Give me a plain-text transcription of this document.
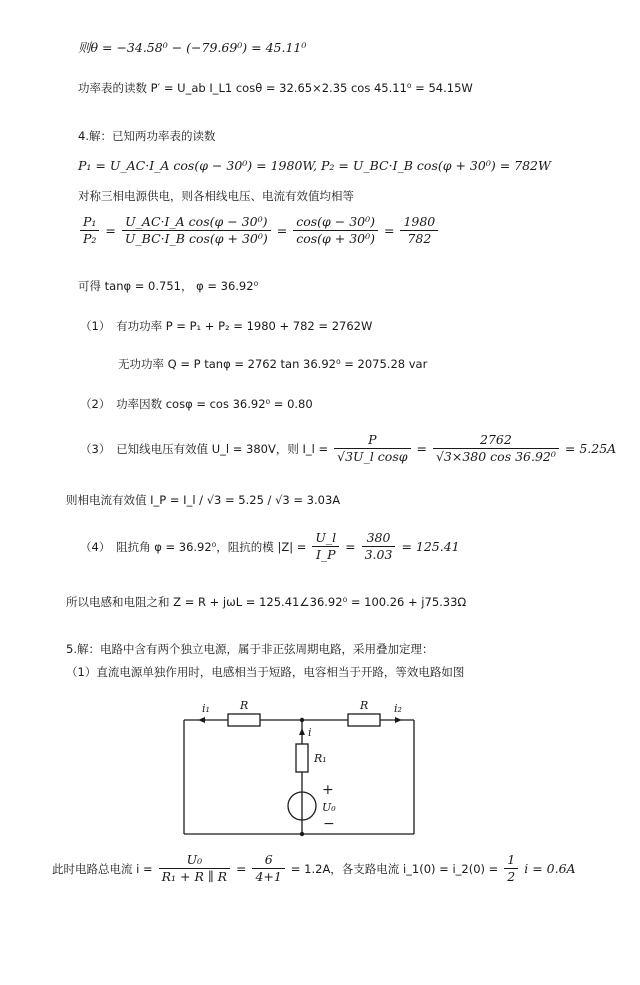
则θ = −34.58⁰ − (−79.69⁰) = 45.11⁰
功率表的读数 P′ = U_ab I_L1 cosθ = 32.65×2.35 cos 45.11⁰ = 54.15W
4.解：已知两功率表的读数
P₁ = U_AC·I_A cos(φ − 30⁰) = 1980W, P₂ = U_BC·I_B cos(φ + 30⁰) = 782W
对称三相电源供电，则各相线电压、电流有效值均相等
$\frac{\text{P₁}}{\text{P₂}} = \frac{\text{U\_AC·I\_A cos(φ − 30⁰)}}{\text{U\_BC·I\_B cos(φ + 30⁰)}} = \frac{\text{cos(φ − 30⁰)}}{\text{cos(φ + 30⁰)}} = \frac{1980}{782}$
可得 tanφ = 0.751， φ = 36.92⁰
（1）　有功功率 P = P₁ + P₂ = 1980 + 782 = 2762W
无功功率 Q = P tanφ = 2762 tan 36.92⁰ = 2075.28 var
（2）　功率因数 cosφ = cos 36.92⁰ = 0.80
（3）　已知线电压有效值 U_l = 380V，则 I_l = $\frac{P}{\text{√3U\_l cosφ}} = \frac{2762}{\text{√3×380 cos 36.92⁰}} = 5.25A$
则相电流有效值 I_P = I_l / √3 = 5.25 / √3 = 3.03A
（4）　阻抗角 φ = 36.92⁰，阻抗的模 $|Z| = \frac{U\_l}{I\_P} = \frac{380}{3.03} = 125.41$
所以电感和电阻之和 Z = R + jωL = 125.41∠36.92⁰ = 100.26 + j75.33Ω
5.解：电路中含有两个独立电源，属于非正弦周期电路，采用叠加定理：
（1）直流电源单独作用时，电感相当于短路，电容相当于开路，等效电路如图
i₁	R	R i₂
i
R₁
+
U₀
−
此时电路总电流 $i = \frac{\text{U₀}}{\text{R₁ + R ∥ R}} = \frac{6}{4+1} = 1.2A$，各支路电流 i_1(0) = i_2(0) = $\frac{1}{2}$ i = 0.6A
